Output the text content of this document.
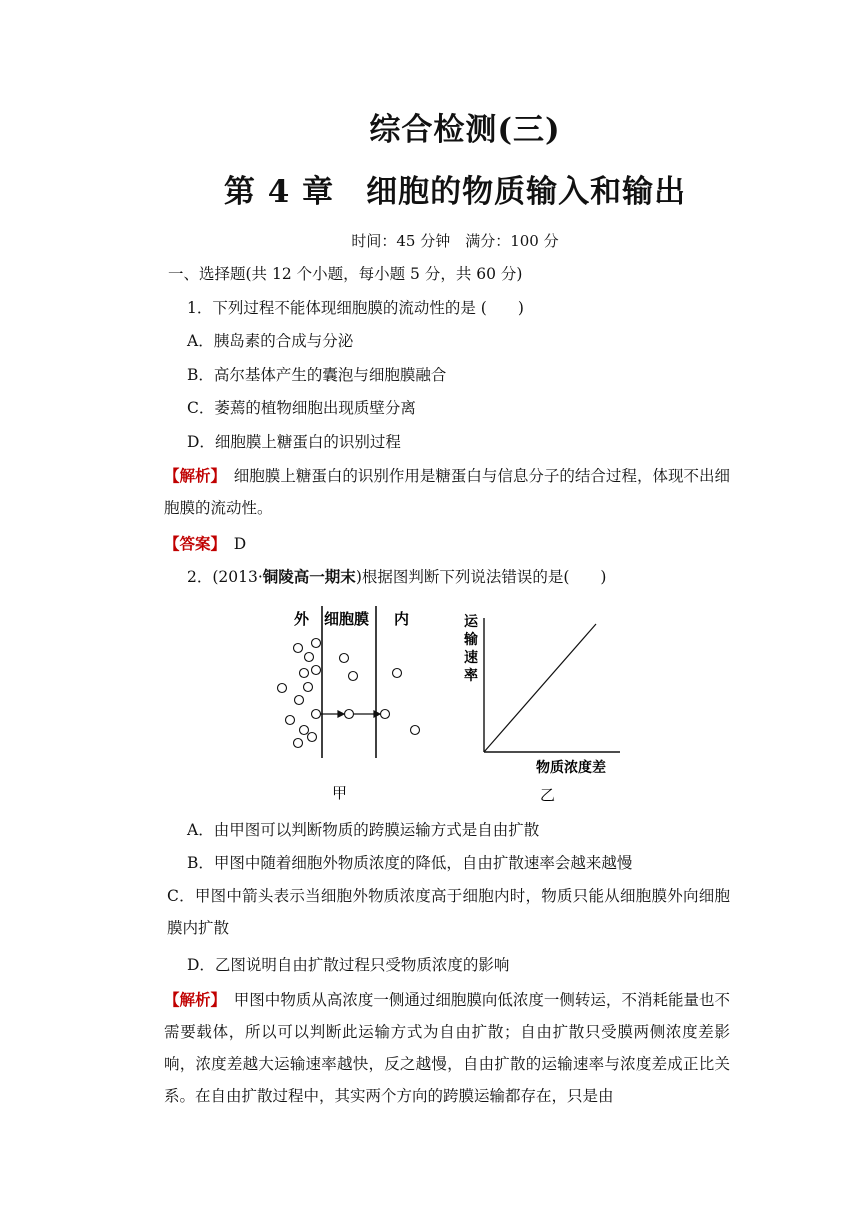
综合检测(三)
第 4 章　细胞的物质输入和输出
时间：45 分钟　满分：100 分
一、选择题(共 12 个小题，每小题 5 分，共 60 分)
1．下列过程不能体现细胞膜的流动性的是 (　　)
A．胰岛素的合成与分泌
B．高尔基体产生的囊泡与细胞膜融合
C．萎蔫的植物细胞出现质壁分离
D．细胞膜上糖蛋白的识别过程
【解析】　 细胞膜上糖蛋白的识别作用是糖蛋白与信息分子的结合过程，体现不出细胞膜的流动性。
【答案】　 D
2．(2013·铜陵高一期末)根据图判断下列说法错误的是(　　)
外 细胞膜 内
甲
运 输 速 率
物质浓度差
乙
A．由甲图可以判断物质的跨膜运输方式是自由扩散
B．甲图中随着细胞外物质浓度的降低，自由扩散速率会越来越慢
C．甲图中箭头表示当细胞外物质浓度高于细胞内时，物质只能从细胞膜外向细胞膜内扩散
D．乙图说明自由扩散过程只受物质浓度的影响
【解析】　 甲图中物质从高浓度一侧通过细胞膜向低浓度一侧转运，不消耗能量也不需要载体，所以可以判断此运输方式为自由扩散；自由扩散只受膜两侧浓度差影响，浓度差越大运输速率越快，反之越慢，自由扩散的运输速率与浓度差成正比关系。在自由扩散过程中，其实两个方向的跨膜运输都存在，只是由
